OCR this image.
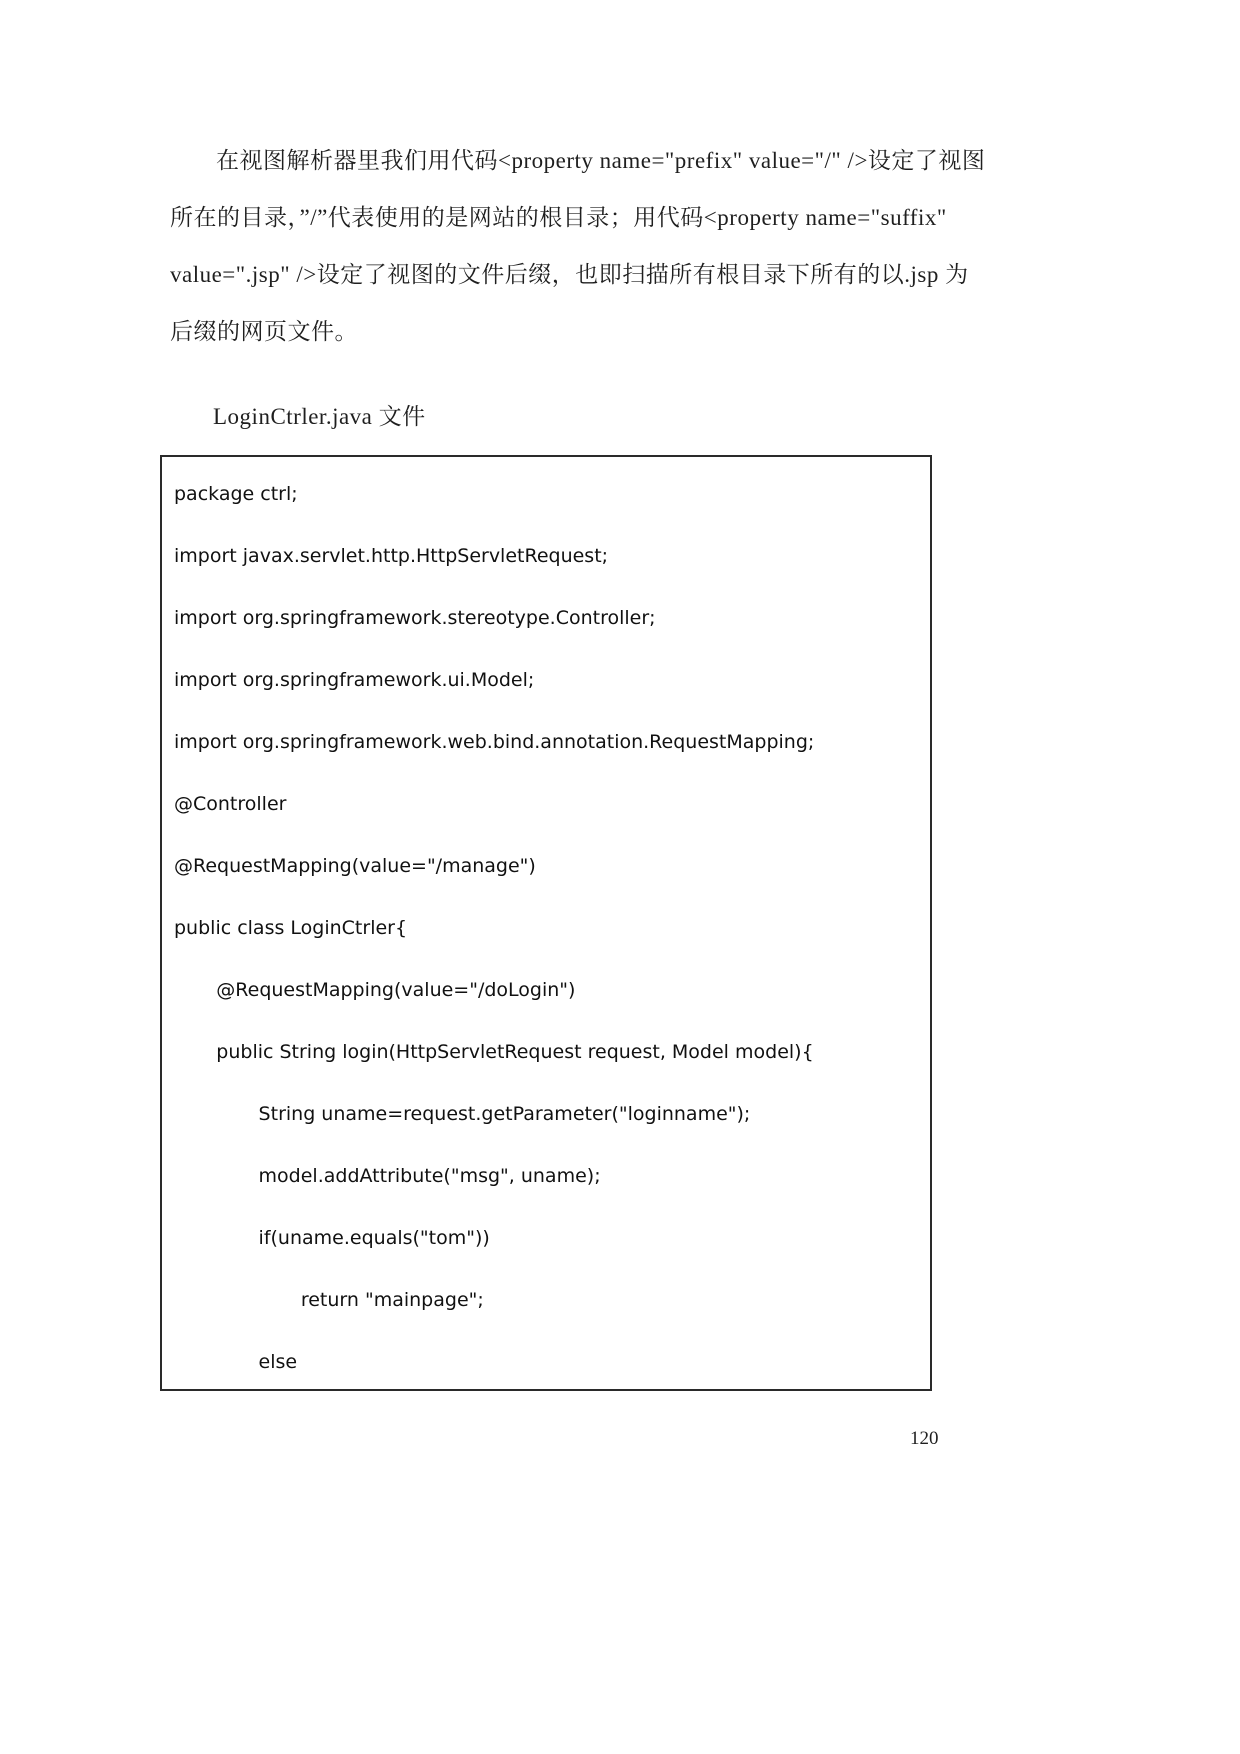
在视图解析器里我们用代码<property name="prefix" value="/" />设定了视图
所在的目录，”/”代表使用的是网站的根目录；用代码<property name="suffix"
value=".jsp" />设定了视图的文件后缀，也即扫描所有根目录下所有的以.jsp 为
后缀的网页文件。
LoginCtrler.java 文件
package ctrl;
import javax.servlet.http.HttpServletRequest;
import org.springframework.stereotype.Controller;
import org.springframework.ui.Model;
import org.springframework.web.bind.annotation.RequestMapping;
@Controller
@RequestMapping(value="/manage")
public class LoginCtrler{
@RequestMapping(value="/doLogin")
public String login(HttpServletRequest request, Model model){
String uname=request.getParameter("loginname");
model.addAttribute("msg", uname);
if(uname.equals("tom"))
return "mainpage";
else
120
